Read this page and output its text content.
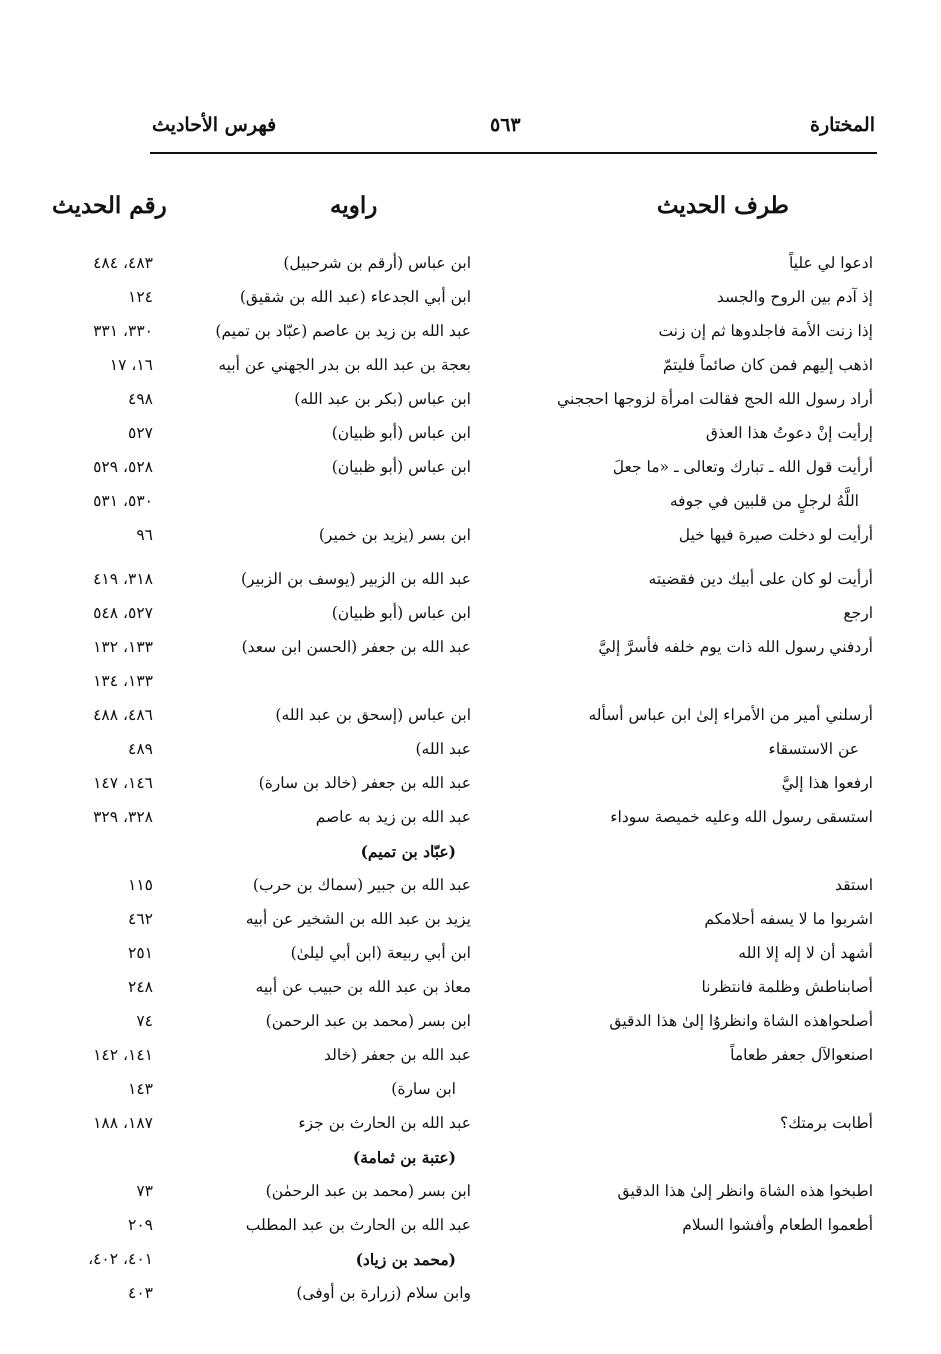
المختارة
٥٦٣
فهرس الأحاديث
طرف الحديث
راويه
رقم الحديث
ادعوا لي علياً
ابن عباس (أرقم بن شرحبيل)
٤٨٣، ٤٨٤
إذ آدم بين الروح والجسد
ابن أبي الجدعاء (عبد الله بن شقيق)
١٢٤
إذا زنت الأمة فاجلدوها ثم إن زنت
عبد الله بن زيد بن عاصم (عبّاد بن تميم)
٣٣٠، ٣٣١
اذهب إليهم فمن كان صائماً فليتمّ
بعجة بن عبد الله بن بدر الجهني عن أبيه
١٦، ١٧
أراد رسول الله الحج فقالت امرأة لزوجها احججني
ابن عباس (بكر بن عبد الله)
٤٩٨
إرأيت إنْ دعوتُ هذا العذق
ابن عباس (أبو ظبيان)
٥٢٧
أرأيت قول الله ـ تبارك وتعالى ـ «ما جعلَ
ابن عباس (أبو ظبيان)
٥٢٨، ٥٢٩
اللَّهُ لرجلٍ من قلبين في جوفه
٥٣٠، ٥٣١
أرأيت لو دخلت صيرة فيها خيل
ابن بسر (يزيد بن خمير)
٩٦
أرأيت لو كان على أبيك دين فقضيته
عبد الله بن الزبير (يوسف بن الزبير)
٣١٨، ٤١٩
ارجع
ابن عباس (أبو ظبيان)
٥٢٧، ٥٤٨
أردفني رسول الله ذات يوم خلفه فأسرَّ إليَّ
عبد الله بن جعفر (الحسن ابن سعد)
١٣٣، ١٣٢
١٣٣، ١٣٤
أرسلني أمير من الأمراء إلىٰ ابن عباس أسأله
ابن عباس (إسحق بن عبد الله)
٤٨٦، ٤٨٨
عن الاستسقاء
عبد الله)
٤٨٩
ارفعوا هذا إليَّ
عبد الله بن جعفر (خالد بن سارة)
١٤٦، ١٤٧
استسقى رسول الله وعليه خميصة سوداء
عبد الله بن زيد به عاصم
٣٢٨، ٣٢٩
(عبّاد بن تميم)
استقد
عبد الله بن جبير (سماك بن حرب)
١١٥
اشربوا ما لا يسفه أحلامكم
يزيد بن عبد الله بن الشخير عن أبيه
٤٦٢
أشهد أن لا إله إلا الله
ابن أبي ربيعة (ابن أبي ليلىٰ)
٢٥١
أصابناطش وظلمة فانتظرنا
معاذ بن عبد الله بن حبيب عن أبيه
٢٤٨
أصلحواهذه الشاة وانظرۇا إلىٰ هذا الدقيق
ابن بسر (محمد بن عبد الرحمن)
٧٤
اصنعوالآل جعفر طعاماً
عبد الله بن جعفر (خالد
١٤١، ١٤٢
ابن سارة)
١٤٣
أطابت برمتك؟
عبد الله بن الحارث بن جزء
١٨٧، ١٨٨
(عتبة بن ثمامة)
اطبخوا هذه الشاة وانظر إلىٰ هذا الدقيق
ابن بسر (محمد بن عبد الرحمٰن)
٧٣
أطعموا الطعام وأفشوا السلام
عبد الله بن الحارث بن عبد المطلب
٢٠٩
(محمد بن زياد)
٤٠١، ٤٠٢،
وابن سلام (زرارة بن أوفى)
٤٠٣
